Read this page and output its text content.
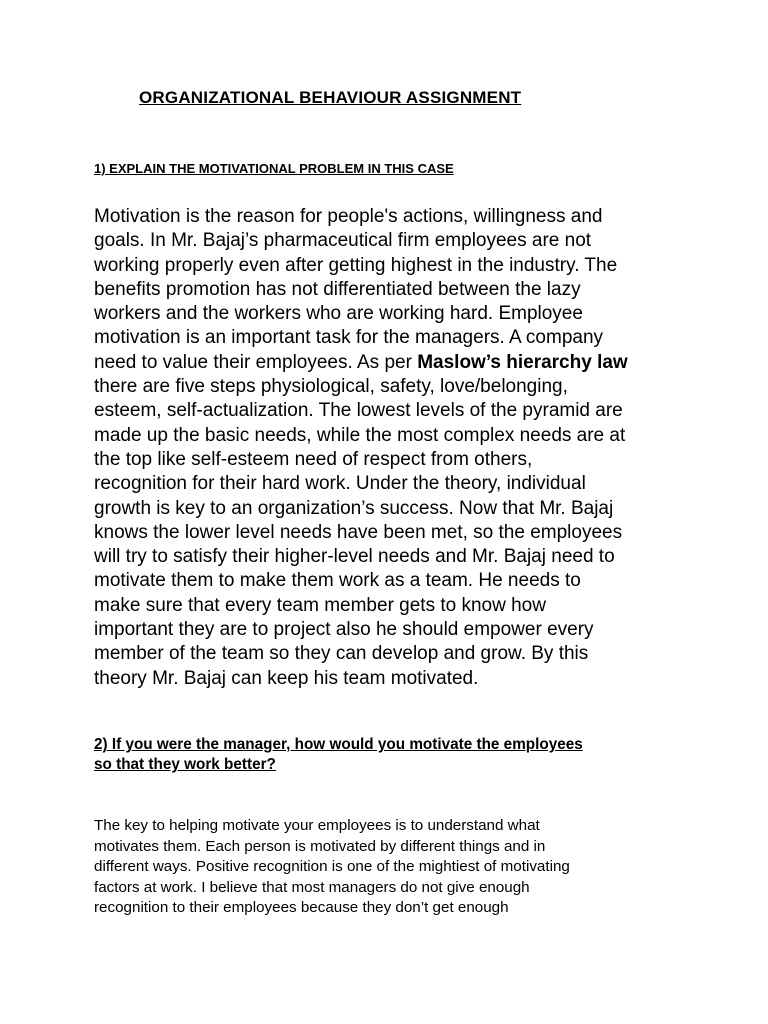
ORGANIZATIONAL BEHAVIOUR ASSIGNMENT
1) EXPLAIN THE MOTIVATIONAL PROBLEM IN THIS CASE
Motivation is the reason for people's actions, willingness and
goals. In Mr. Bajaj’s pharmaceutical firm employees are not
working properly even after getting highest in the industry. The
benefits promotion has not differentiated between the lazy
workers and the workers who are working hard. Employee
motivation is an important task for the managers. A company
need to value their employees. As per Maslow’s hierarchy law
there are five steps physiological, safety, love/belonging,
esteem, self-actualization. The lowest levels of the pyramid are
made up the basic needs, while the most complex needs are at
the top like self-esteem need of respect from others,
recognition for their hard work. Under the theory, individual
growth is key to an organization’s success. Now that Mr. Bajaj
knows the lower level needs have been met, so the employees
will try to satisfy their higher-level needs and Mr. Bajaj need to
motivate them to make them work as a team. He needs to
make sure that every team member gets to know how
important they are to project also he should empower every
member of the team so they can develop and grow. By this
theory Mr. Bajaj can keep his team motivated.
2) If you were the manager, how would you motivate the employees
so that they work better?
The key to helping motivate your employees is to understand what
motivates them. Each person is motivated by different things and in
different ways. Positive recognition is one of the mightiest of motivating
factors at work. I believe that most managers do not give enough
recognition to their employees because they don’t get enough
